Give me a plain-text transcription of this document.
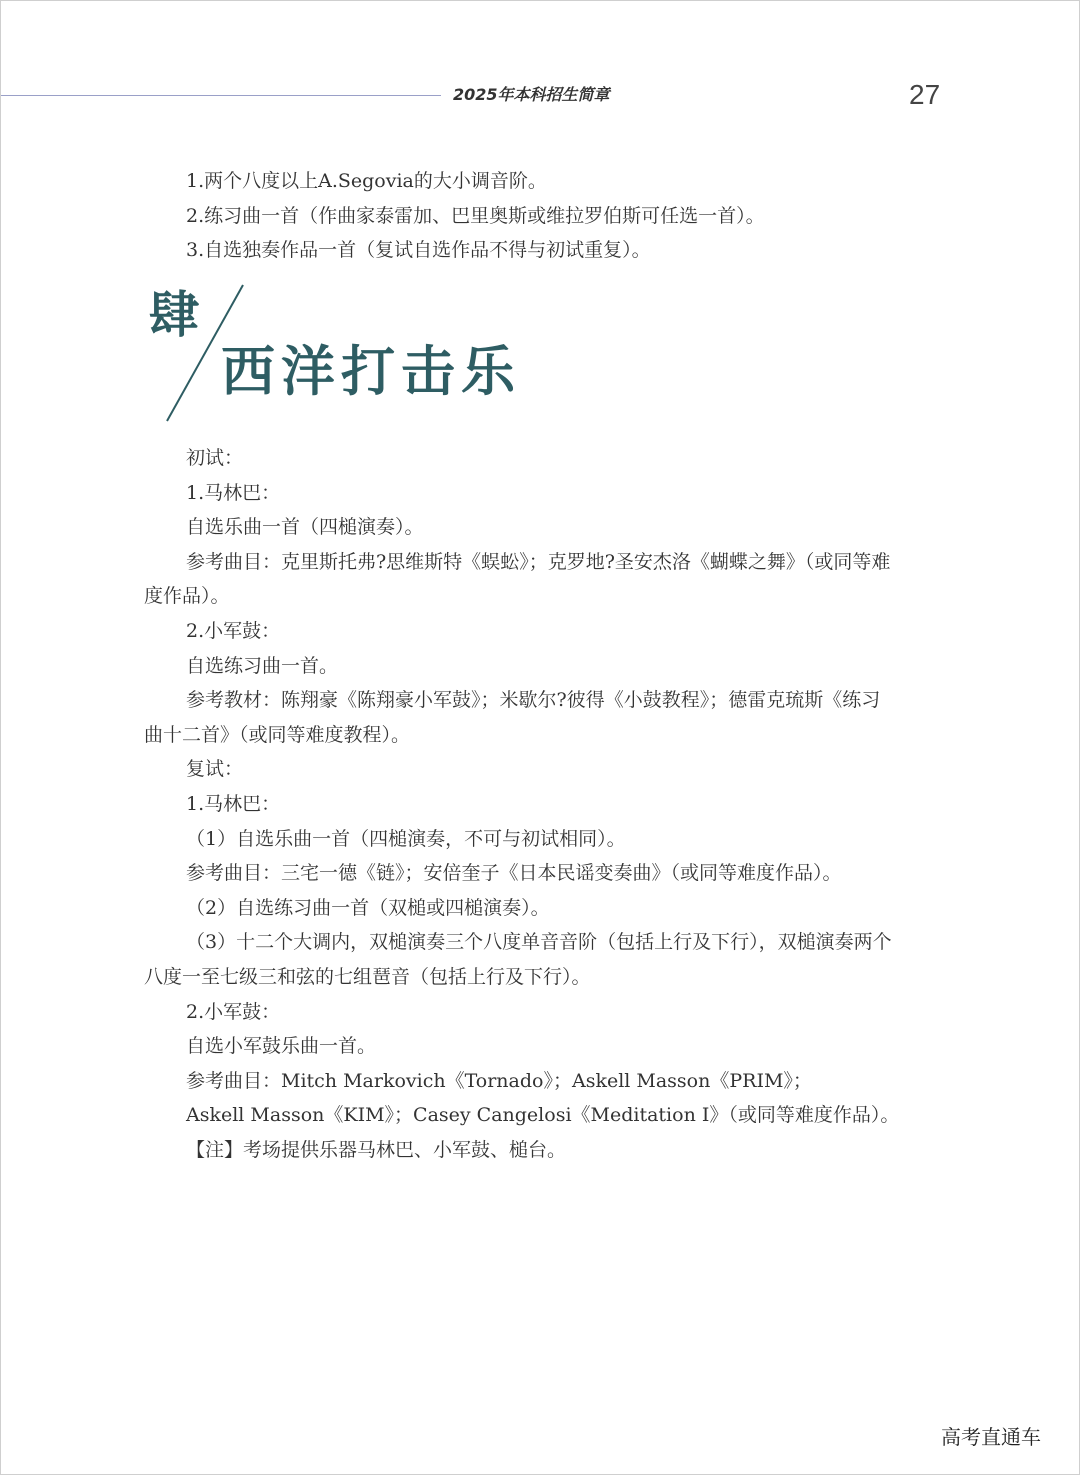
2025年本科招生简章	27
1.两个八度以上A.Segovia的大小调音阶。
2.练习曲一首（作曲家泰雷加、巴里奥斯或维拉罗伯斯可任选一首）。
3.自选独奏作品一首（复试自选作品不得与初试重复）。
肆
西洋打击乐
初试：
1.马林巴：
自选乐曲一首（四槌演奏）。
参考曲目：克里斯托弗?思维斯特《蜈蚣》；克罗地?圣安杰洛《蝴蝶之舞》（或同等难
度作品）。
2.小军鼓：
自选练习曲一首。
参考教材：陈翔豪《陈翔豪小军鼓》；米歇尔?彼得《小鼓教程》；德雷克琉斯《练习
曲十二首》（或同等难度教程）。
复试：
1.马林巴：
（1）自选乐曲一首（四槌演奏，不可与初试相同）。
参考曲目：三宅一德《链》；安倍奎子《日本民谣变奏曲》（或同等难度作品）。
（2）自选练习曲一首（双槌或四槌演奏）。
（3）十二个大调内，双槌演奏三个八度单音音阶（包括上行及下行），双槌演奏两个
八度一至七级三和弦的七组琶音（包括上行及下行）。
2.小军鼓：
自选小军鼓乐曲一首。
参考曲目：Mitch Markovich《Tornado》；Askell Masson《PRIM》；
Askell Masson《KIM》；Casey Cangelosi《Meditation I》（或同等难度作品）。
【注】考场提供乐器马林巴、小军鼓、槌台。
高考直通车
